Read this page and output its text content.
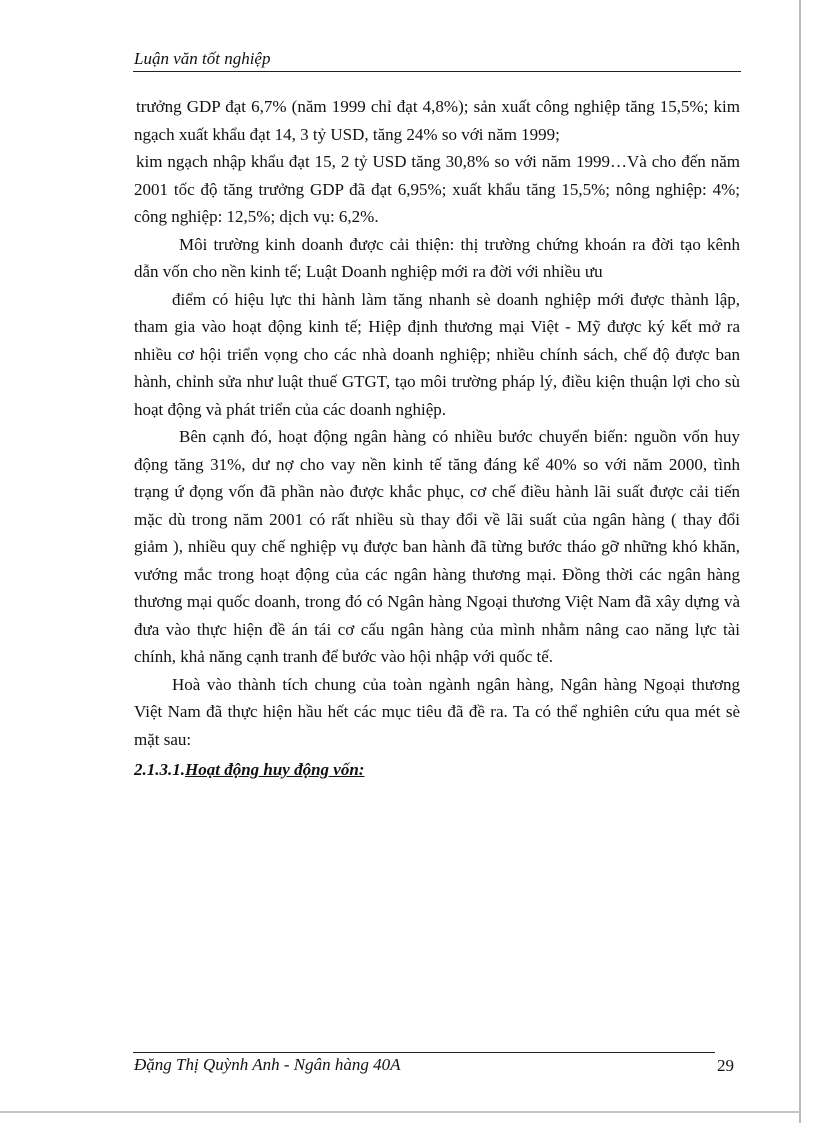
Luận văn tốt nghiệp

trưởng GDP đạt 6,7% (năm 1999 chỉ đạt 4,8%); sản xuất công nghiệp tăng 15,5%; kim ngạch xuất khẩu đạt 14, 3 tỷ USD, tăng 24% so với năm 1999;

kim ngạch nhập khẩu đạt 15, 2 tỷ USD tăng 30,8% so với năm 1999…Và cho đến năm 2001 tốc độ tăng trưởng GDP đã đạt 6,95%; xuất khẩu tăng 15,5%; nông nghiệp: 4%; công nghiệp: 12,5%; dịch vụ: 6,2%.

Môi trường kinh doanh được cải thiện: thị trường chứng khoán ra đời tạo kênh dẫn vốn cho nền kinh tế; Luật Doanh nghiệp mới ra đời với nhiều ưu

điểm có hiệu lực thi hành làm tăng nhanh sè doanh nghiệp mới được thành lập, tham gia vào hoạt động kinh tế; Hiệp định thương mại Việt - Mỹ được ký kết mở ra nhiều cơ hội triển vọng cho các nhà doanh nghiệp; nhiều chính sách, chế độ được ban hành, chỉnh sửa như luật thuế GTGT, tạo môi trường pháp lý, điều kiện thuận lợi cho sù hoạt động và phát triển của các doanh nghiệp.

Bên cạnh đó, hoạt động ngân hàng có nhiều bước chuyển biến: nguồn vốn huy động tăng 31%, dư nợ cho vay nền kinh tế tăng đáng kể 40% so với năm 2000, tình trạng ứ đọng vốn đã phần nào được khắc phục, cơ chế điều hành lãi suất được cải tiến mặc dù trong năm 2001 có rất nhiều sù thay đổi về lãi suất của ngân hàng ( thay đổi giảm ), nhiều quy chế nghiệp vụ được ban hành đã từng bước tháo gỡ những khó khăn, vướng mắc trong hoạt động của các ngân hàng thương mại. Đồng thời các ngân hàng thương mại quốc doanh, trong đó có Ngân hàng Ngoại thương Việt Nam đã xây dựng và đưa vào thực hiện đề án tái cơ cấu ngân hàng của mình nhằm nâng cao năng lực tài chính, khả năng cạnh tranh để bước vào hội nhập với quốc tế.

Hoà vào thành tích chung của toàn ngành ngân hàng, Ngân hàng Ngoại thương Việt Nam đã thực hiện hầu hết các mục tiêu đã đề ra. Ta có thể nghiên cứu qua mét sè mặt sau:

2.1.3.1.Hoạt động huy động vốn:

Đặng Thị Quỳnh Anh - Ngân hàng 40A	29
